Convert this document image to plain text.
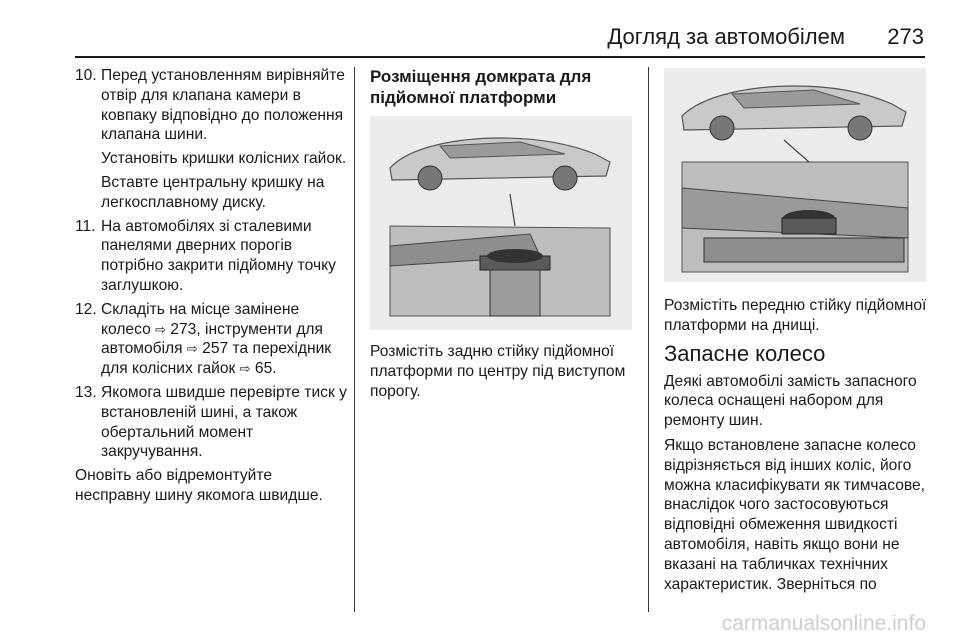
Догляд за автомобілем 273
10. Перед установленням вирівняйте отвір для клапана камери в ковпаку відповідно до положення клапана шини.

Установіть кришки колісних гайок.

Вставте центральну кришку на легкосплавному диску.

11. На автомобілях зі сталевими панелями дверних порогів потрібно закрити підйомну точку заглушкою.

12. Складіть на місце замінене колесо ⇨ 273, інструменти для автомобіля ⇨ 257 та перехідник для колісних гайок ⇨ 65.

13. Якомога швидше перевірте тиск у встановленій шині, а також обертальний момент закручування.

Оновіть або відремонтуйте несправну шину якомога швидше.

Розміщення домкрата для підйомної платформи

Розмістіть задню стійку підйомної платформи по центру під виступом порогу.

Розмістіть передню стійку підйомної платформи на днищі.

Запасне колесо

Деякі автомобілі замість запасного колеса оснащені набором для ремонту шин.

Якщо встановлене запасне колесо відрізняється від інших коліс, його можна класифікувати як тимчасове, внаслідок чого застосовуються відповідні обмеження швидкості автомобіля, навіть якщо вони не вказані на табличках технічних характеристик. Зверніться по

carmanualsonline.info
